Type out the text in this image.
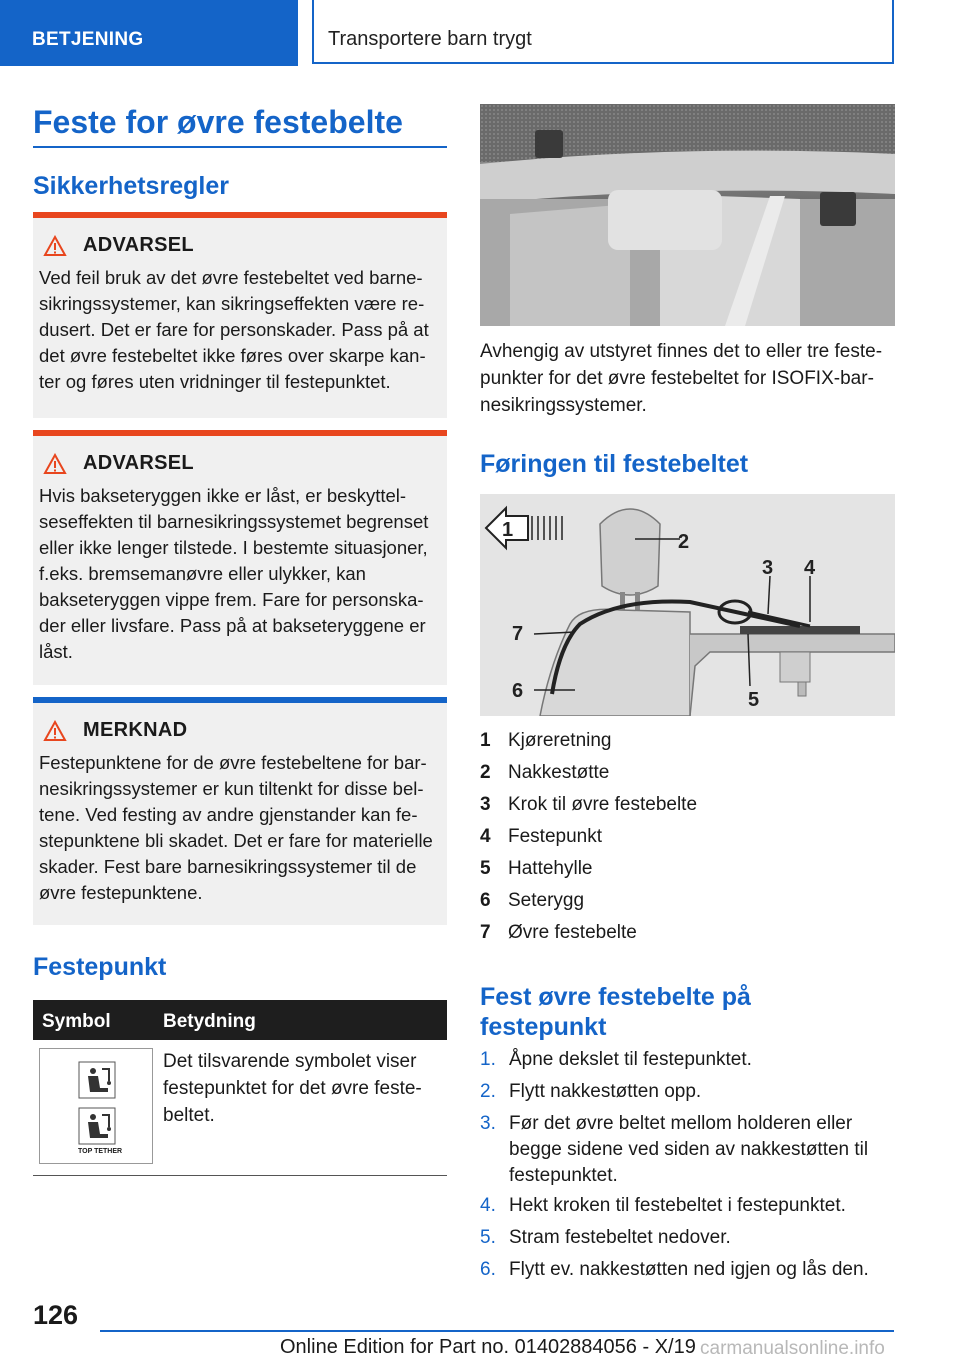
BETJENING	Transportere barn trygt
Feste for øvre festebelte
Sikkerhetsregler
ADVARSEL
Ved feil bruk av det øvre festebeltet ved barnesikringssystemer, kan sikringseffekten være redusert. Det er fare for personskader. Pass på at det øvre festebeltet ikke føres over skarpe kanter og føres uten vridninger til festepunktet.
ADVARSEL
Hvis bakseteryggen ikke er låst, er beskyttelseseffekten til barnesikringssystemet begrenset eller ikke lenger tilstede. I bestemte situasjoner, f.eks. bremsemanøvre eller ulykker, kan bakseteryggen vippe frem. Fare for personskader eller livsfare. Pass på at bakseteryggene er låst.
MERKNAD
Festepunktene for de øvre festebeltene for barnesikringssystemer er kun tiltenkt for disse beltene. Ved festing av andre gjenstander kan festepunktene bli skadet. Det er fare for materielle skader. Fest bare barnesikringssystemer til de øvre festepunktene.
Festepunkt
Symbol	Betydning
TOP TETHER
Det tilsvarende symbolet viser festepunktet for det øvre festebeltet.
Avhengig av utstyret finnes det to eller tre festepunkter for det øvre festebeltet for ISOFIX-barnesikringssystemer.
Føringen til festebeltet
1
2
3 4
5
6
7
1 Kjøreretning
2 Nakkestøtte
3 Krok til øvre festebelte
4 Festepunkt
5 Hattehylle
6 Seterygg
7 Øvre festebelte
Fest øvre festebelte på
festepunkt
1. Åpne dekslet til festepunktet.
2. Flytt nakkestøtten opp.
3. Før det øvre beltet mellom holderen eller begge sidene ved siden av nakkestøtten til festepunktet.
4. Hekt kroken til festebeltet i festepunktet.
5. Stram festebeltet nedover.
6. Flytt ev. nakkestøtten ned igjen og lås den.
126
Online Edition for Part no. 01402884056 - X/19 carmanualsonline.info
